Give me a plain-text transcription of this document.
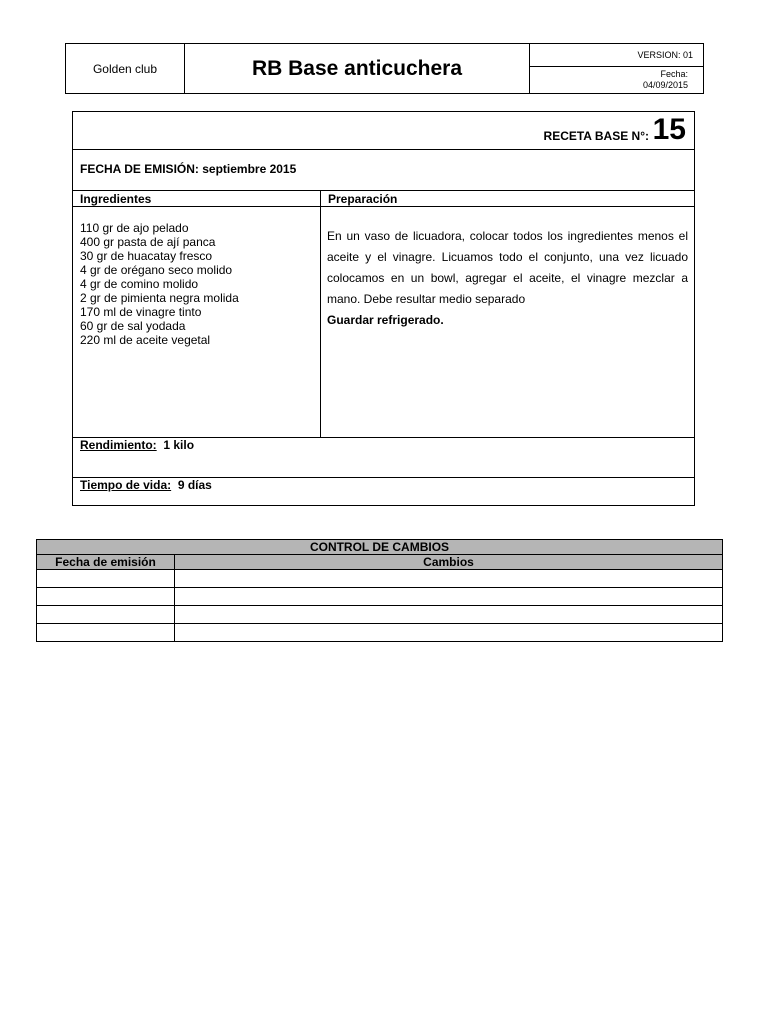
Golden club	RB Base anticuchera
VERSION: 01
Fecha:
04/09/2015
RECETA BASE N°: 15
FECHA DE EMISIÓN: septiembre 2015
Ingredientes	Preparación
110 gr de ajo pelado
400 gr pasta de ají panca
30 gr de huacatay fresco
4 gr de orégano seco molido
4 gr de comino molido
2 gr de pimienta negra molida
170 ml de vinagre tinto
60 gr de sal yodada
220 ml de aceite vegetal
En un vaso de licuadora, colocar todos los ingredientes menos el aceite y el vinagre. Licuamos todo el conjunto, una vez licuado colocamos en un bowl, agregar el aceite, el vinagre mezclar a mano. Debe resultar medio separado
Guardar refrigerado.
Rendimiento: 1 kilo
Tiempo de vida: 9 días
CONTROL DE CAMBIOS	
Fecha de emisión	Cambios
